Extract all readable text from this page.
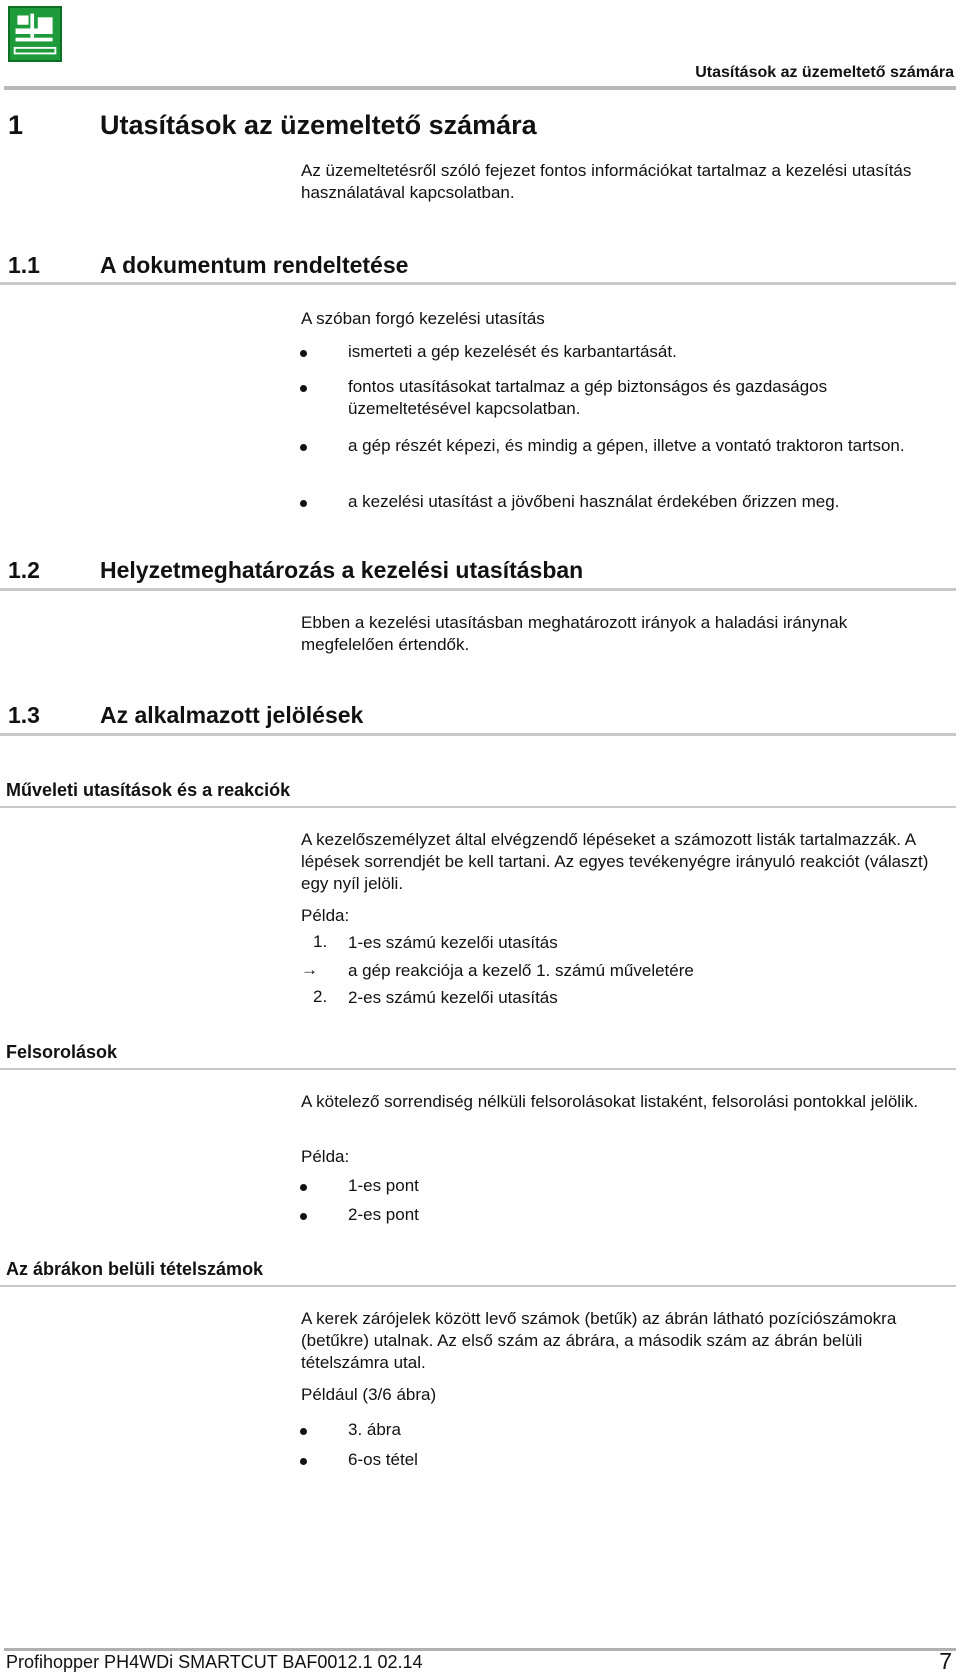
Utasítások az üzemeltető számára
1	Utasítások az üzemeltető számára
Az üzemeltetésről szóló fejezet fontos információkat tartalmaz a kezelési utasítás használatával kapcsolatban.
1.1	A dokumentum rendeltetése
A szóban forgó kezelési utasítás
ismerteti a gép kezelését és karbantartását.
fontos utasításokat tartalmaz a gép biztonságos és gazdaságos üzemeltetésével kapcsolatban.
a gép részét képezi, és mindig a gépen, illetve a vontató traktoron tartson.
a kezelési utasítást a jövőbeni használat érdekében őrizzen meg.
1.2	Helyzetmeghatározás a kezelési utasításban
Ebben a kezelési utasításban meghatározott irányok a haladási iránynak megfelelően értendők.
1.3	Az alkalmazott jelölések
Műveleti utasítások és a reakciók
A kezelőszemélyzet által elvégzendő lépéseket a számozott listák tartalmazzák. A lépések sorrendjét be kell tartani. Az egyes tevékenyégre irányuló reakciót (választ) egy nyíl jelöli.
Példa:
1. 1-es számú kezelői utasítás
→ a gép reakciója a kezelő 1. számú műveletére
2. 2-es számú kezelői utasítás
Felsorolások
A kötelező sorrendiség nélküli felsorolásokat listaként, felsorolási pontokkal jelölik.
Példa:
1-es pont
2-es pont
Az ábrákon belüli tételszámok
A kerek zárójelek között levő számok (betűk) az ábrán látható pozíciószámokra (betűkre) utalnak. Az első szám az ábrára, a második szám az ábrán belüli tételszámra utal.
Például (3/6 ábra)
3. ábra
6-os tétel
Profihopper PH4WDi SMARTCUT BAF0012.1 02.14	7
